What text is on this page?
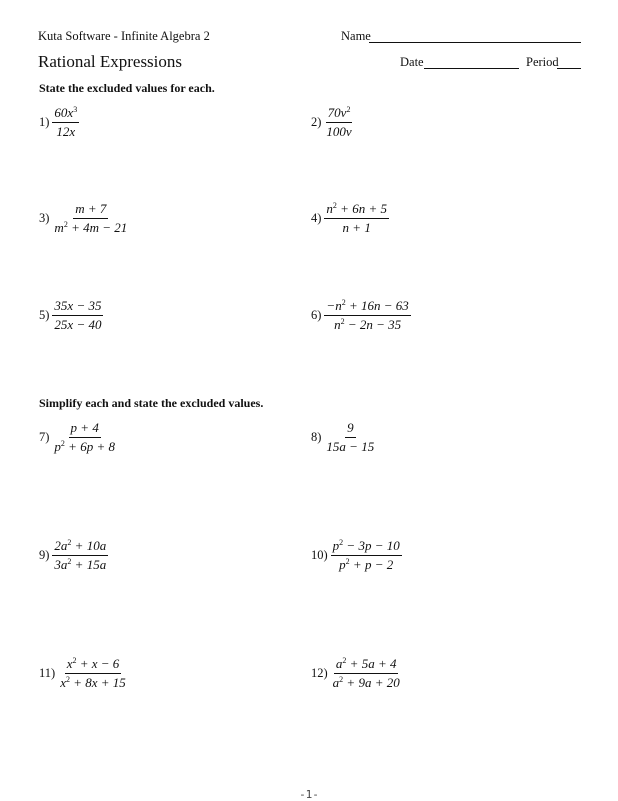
Kuta Software - Infinite Algebra 2	Name
Rational Expressions	Date	Period
State the excluded values for each.
Simplify each and state the excluded values.
$1) \frac{60x^3}{12x}$	$2) \frac{70v^2}{100v}$
$3) \frac{m + 7}{m^2 + 4m - 21}$	$4) \frac{n^2 + 6n + 5}{n + 1}$
$5) \frac{35x - 35}{25x - 40}$	$6) \frac{-n^2 + 16n - 63}{n^2 - 2n - 35}$
$7) \frac{p + 4}{p^2 + 6p + 8}$	$8) \frac{9}{15a - 15}$
$9) \frac{2a^2 + 10a}{3a^2 + 15a}$	$10) \frac{p^2 - 3p - 10}{p^2 + p - 2}$
$11) \frac{x^2 + x - 6}{x^2 + 8x + 15}$	$12) \frac{a^2 + 5a + 4}{a^2 + 9a + 20}$
-1-
